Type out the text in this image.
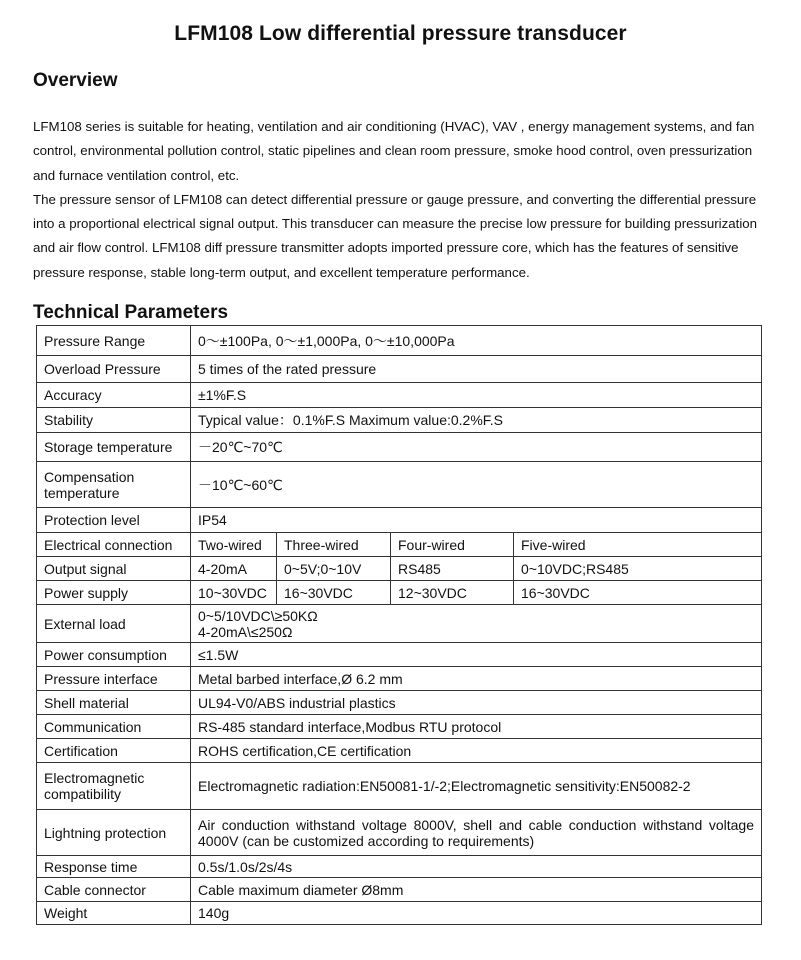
LFM108 Low differential pressure transducer
Overview

LFM108 series is suitable for heating, ventilation and air conditioning (HVAC), VAV , energy management systems, and fan control, environmental pollution control, static pipelines and clean room pressure, smoke hood control, oven pressurization and furnace ventilation control, etc.

The pressure sensor of LFM108 can detect differential pressure or gauge pressure, and converting the differential pressure into a proportional electrical signal output. This transducer can measure the precise low pressure for building pressurization and air flow control. LFM108 diff pressure transmitter adopts imported pressure core, which has the features of sensitive pressure response, stable long-term output, and excellent temperature performance.

Technical Parameters
Pressure Range	0～±100Pa, 0～±1,000Pa, 0～±10,000Pa			
Overload Pressure	5 times of the rated pressure			
Accuracy	±1%F.S			
Stability	Typical value：0.1%F.S Maximum value:0.2%F.S			
Storage temperature	－20℃~70℃			
Compensation temperature	－10℃~60℃			
Protection level	IP54			
Electrical connection	Two-wired	Three-wired	Four-wired	Five-wired
Output signal	4-20mA	0~5V;0~10V	RS485	0~10VDC;RS485
Power supply	10~30VDC	16~30VDC	12~30VDC	16~30VDC
External load	0~5/10VDC\≥50KΩ
4-20mA\≤250Ω			

Power consumption	≤1.5W			
Pressure interface	Metal barbed interface,Ø 6.2 mm			
Shell material	UL94-V0/ABS industrial plastics			
Communication	RS-485 standard interface,Modbus RTU protocol			
Certification	ROHS certification,CE certification			
Electromagnetic compatibility	Electromagnetic radiation:EN50081-1/-2;Electromagnetic sensitivity:EN50082-2			
Lightning protection	Air conduction withstand voltage 8000V, shell and cable conduction withstand voltage 4000V (can be customized according to requirements)			
Response time	0.5s/1.0s/2s/4s			
Cable connector	Cable maximum diameter Ø8mm			
Weight	140g			
